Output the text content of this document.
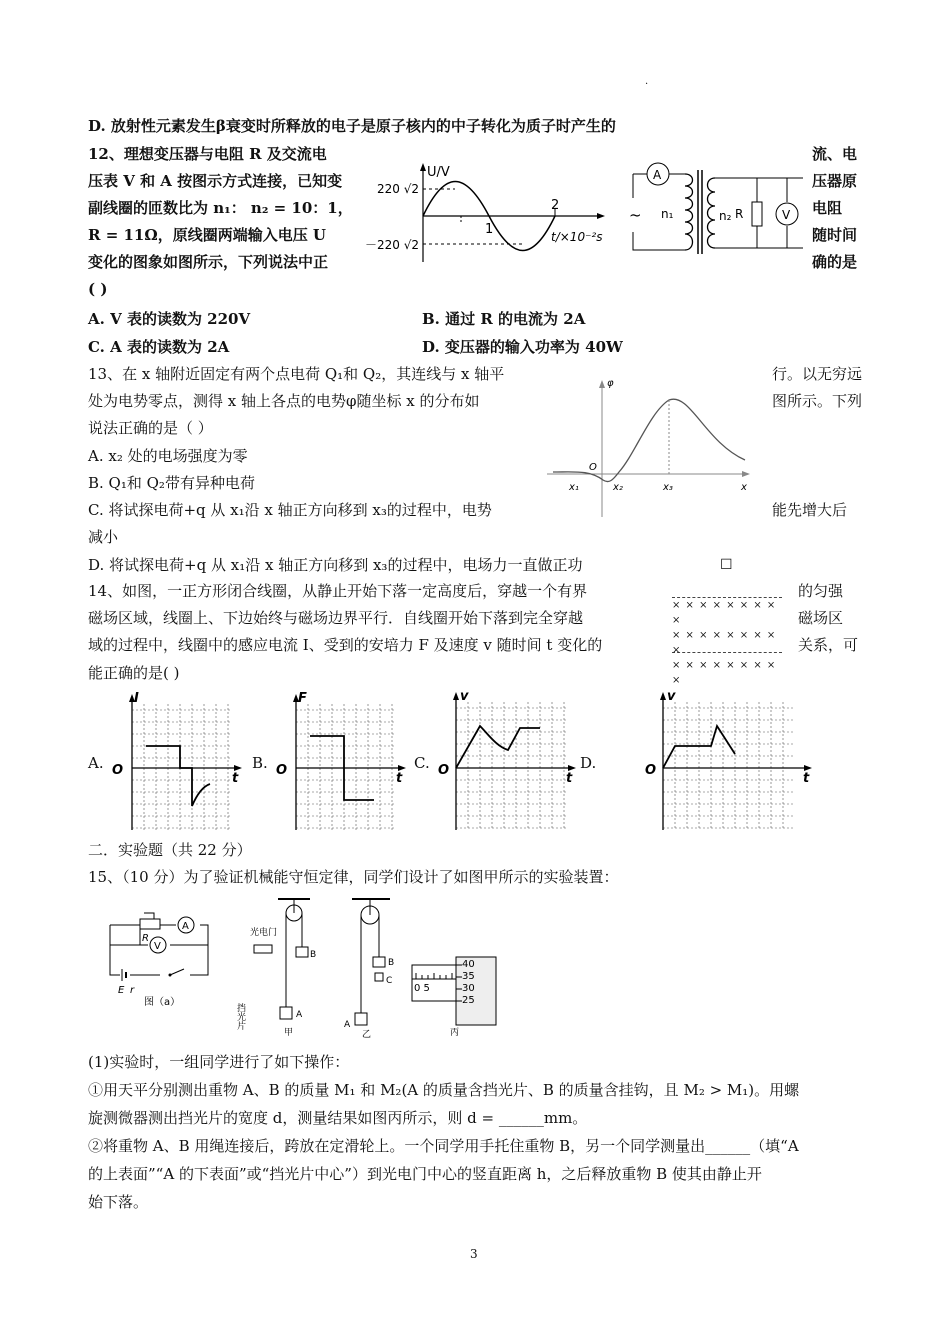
.
D. 放射性元素发生β衰变时所释放的电子是原子核内的中子转化为质子时产生的
12、理想变压器与电阻 R 及交流电	流、电
压表 V 和 A 按图示方式连接，已知变	压器原
副线圈的匝数比为 n₁： n₂ = 10：1，	电阻
R = 11Ω，原线圈两端输入电压 U	随时间
变化的图象如图所示，下列说法中正	确的是
( )
U/V
220 √2
－220 √2
1
2
t/×10⁻²s
A
~ n₁	n₂ R	V
A. V 表的读数为 220V	B. 通过 R 的电流为 2A
C. A 表的读数为 2A	D. 变压器的输入功率为 40W
13、在 x 轴附近固定有两个点电荷 Q₁和 Q₂，其连线与 x 轴平	行。以无穷远
处为电势零点，测得 x 轴上各点的电势φ随坐标 x 的分布如	图所示。下列
说法正确的是（ ）
A. x₂ 处的电场强度为零
B. Q₁和 Q₂带有异种电荷
C. 将试探电荷+q 从 x₁沿 x 轴正方向移到 x₃的过程中，电势	能先增大后
减小
D. 将试探电荷+q 从 x₁沿 x 轴正方向移到 x₃的过程中，电场力一直做正功	☐
φ
O
x₁	x₂	x₃	x
14、如图，一正方形闭合线圈，从静止开始下落一定高度后，穿越一个有界	的匀强
磁场区域，线圈上、下边始终与磁场边界平行．自线圈开始下落到完全穿越	磁场区
域的过程中，线圈中的感应电流 I、受到的安培力 F 及速度 v 随时间 t 变化的	关系，可
能正确的是( )
× × × × × × × × ×
× × × × × × × × ×
× × × × × × × × ×
A.
I
O
t
B.
F
O
t
C.
v
O
t
D.
v
O
t
二．实验题（共 22 分）
15、（10 分）为了验证机械能守恒定律，同学们设计了如图甲所示的实验装置：
R
A
V
E r
图（a）
光电门
B
A
挡光片
甲
B
C
A
乙
0 5
40
35
30
25
丙
(1)实验时，一组同学进行了如下操作：
①用天平分别测出重物 A、B 的质量 M₁ 和 M₂(A 的质量含挡光片、B 的质量含挂钩，且 M₂ > M₁)。用螺
旋测微器测出挡光片的宽度 d，测量结果如图丙所示，则 d = ______mm。
②将重物 A、B 用绳连接后，跨放在定滑轮上。一个同学用手托住重物 B，另一个同学测量出______（填“A
的上表面”“A 的下表面”或“挡光片中心”）到光电门中心的竖直距离 h，之后释放重物 B 使其由静止开
始下落。
3
